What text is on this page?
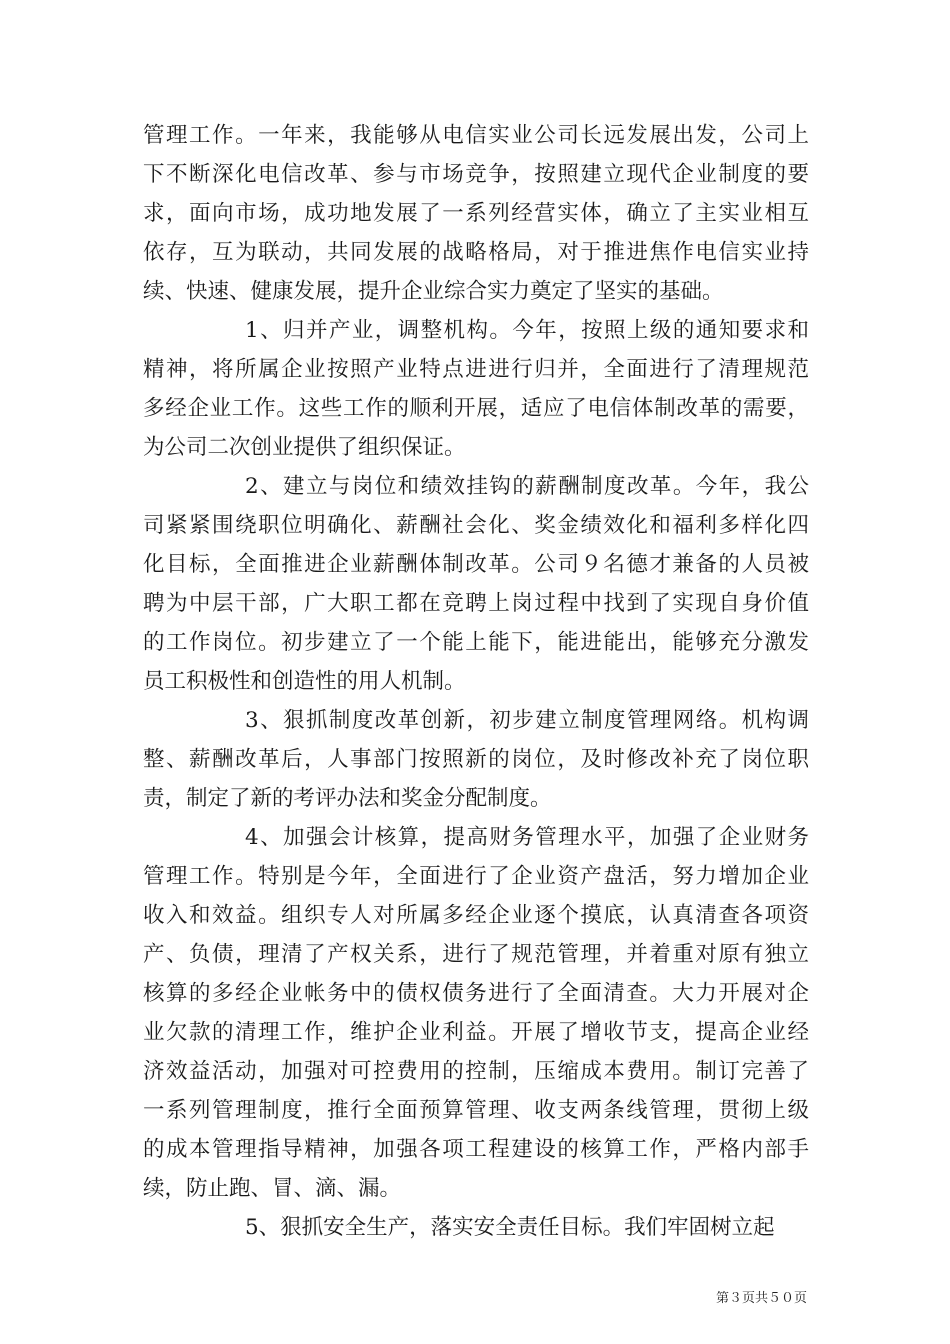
管理工作。一年来，我能够从电信实业公司长远发展出发，公司上
下不断深化电信改革、参与市场竞争，按照建立现代企业制度的要
求，面向市场，成功地发展了一系列经营实体，确立了主实业相互
依存，互为联动，共同发展的战略格局，对于推进焦作电信实业持
续、快速、健康发展，提升企业综合实力奠定了坚实的基础。
1、归并产业，调整机构。今年，按照上级的通知要求和
精神，将所属企业按照产业特点进进行归并，全面进行了清理规范
多经企业工作。这些工作的顺利开展，适应了电信体制改革的需要，
为公司二次创业提供了组织保证。
2、建立与岗位和绩效挂钩的薪酬制度改革。今年，我公
司紧紧围绕职位明确化、薪酬社会化、奖金绩效化和福利多样化四
化目标，全面推进企业薪酬体制改革。公司９名德才兼备的人员被
聘为中层干部，广大职工都在竞聘上岗过程中找到了实现自身价值
的工作岗位。初步建立了一个能上能下，能进能出，能够充分激发
员工积极性和创造性的用人机制。
3、狠抓制度改革创新，初步建立制度管理网络。机构调
整、薪酬改革后，人事部门按照新的岗位，及时修改补充了岗位职
责，制定了新的考评办法和奖金分配制度。
4、加强会计核算，提高财务管理水平，加强了企业财务
管理工作。特别是今年，全面进行了企业资产盘活，努力增加企业
收入和效益。组织专人对所属多经企业逐个摸底，认真清查各项资
产、负债，理清了产权关系，进行了规范管理，并着重对原有独立
核算的多经企业帐务中的债权债务进行了全面清查。大力开展对企
业欠款的清理工作，维护企业利益。开展了增收节支，提高企业经
济效益活动，加强对可控费用的控制，压缩成本费用。制订完善了
一系列管理制度，推行全面预算管理、收支两条线管理，贯彻上级
的成本管理指导精神，加强各项工程建设的核算工作，严格内部手
续，防止跑、冒、滴、漏。
5、狠抓安全生产，落实安全责任目标。我们牢固树立起
第３页共５０页
